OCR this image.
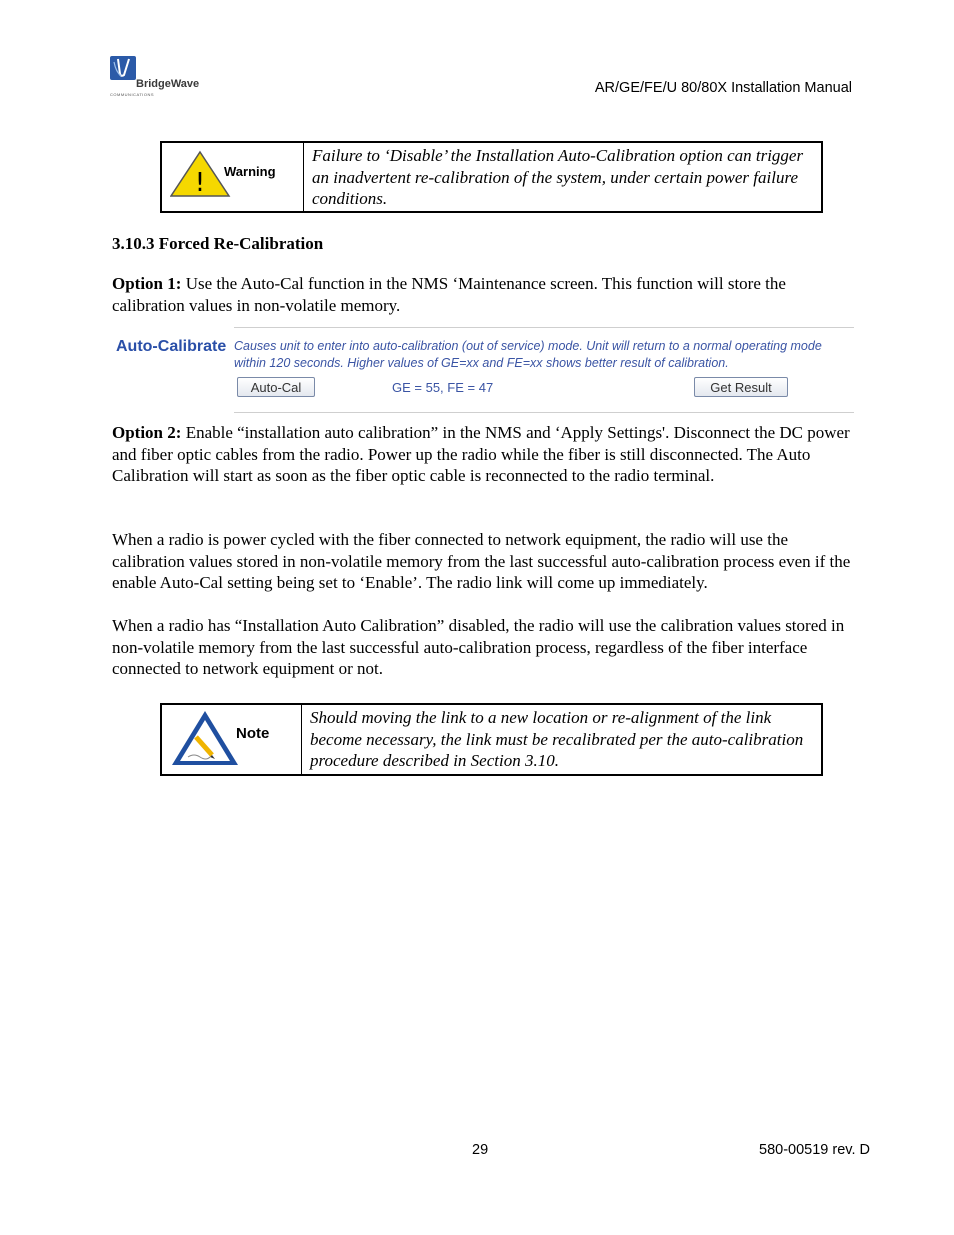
BridgeWave
COMMUNICATIONS	AR/GE/FE/U 80/80X Installation Manual
! Warning
Failure to ‘Disable’ the Installation Auto-Calibration option can trigger an inadvertent re-calibration of the system, under certain power failure conditions.
3.10.3 Forced Re-Calibration
Option 1: Use the Auto-Cal function in the NMS ‘Maintenance screen. This function will store the calibration values in non-volatile memory.
Auto-Calibrate Causes unit to enter into auto-calibration (out of service) mode. Unit will return to a normal operating mode within 120 seconds. Higher values of GE=xx and FE=xx shows better result of calibration.
Auto-Cal	GE = 55, FE = 47	Get Result
Option 2: Enable “installation auto calibration” in the NMS and ‘Apply Settings'. Disconnect the DC power and fiber optic cables from the radio. Power up the radio while the fiber is still disconnected. The Auto Calibration will start as soon as the fiber optic cable is reconnected to the radio terminal.
When a radio is power cycled with the fiber connected to network equipment, the radio will use the calibration values stored in non-volatile memory from the last successful auto-calibration process even if the enable Auto-Cal setting being set to ‘Enable’. The radio link will come up immediately.
When a radio has “Installation Auto Calibration” disabled, the radio will use the calibration values stored in non-volatile memory from the last successful auto-calibration process, regardless of the fiber interface connected to network equipment or not.
Note
Should moving the link to a new location or re-alignment of the link become necessary, the link must be recalibrated per the auto-calibration procedure described in Section 3.10.
29	580-00519 rev. D
